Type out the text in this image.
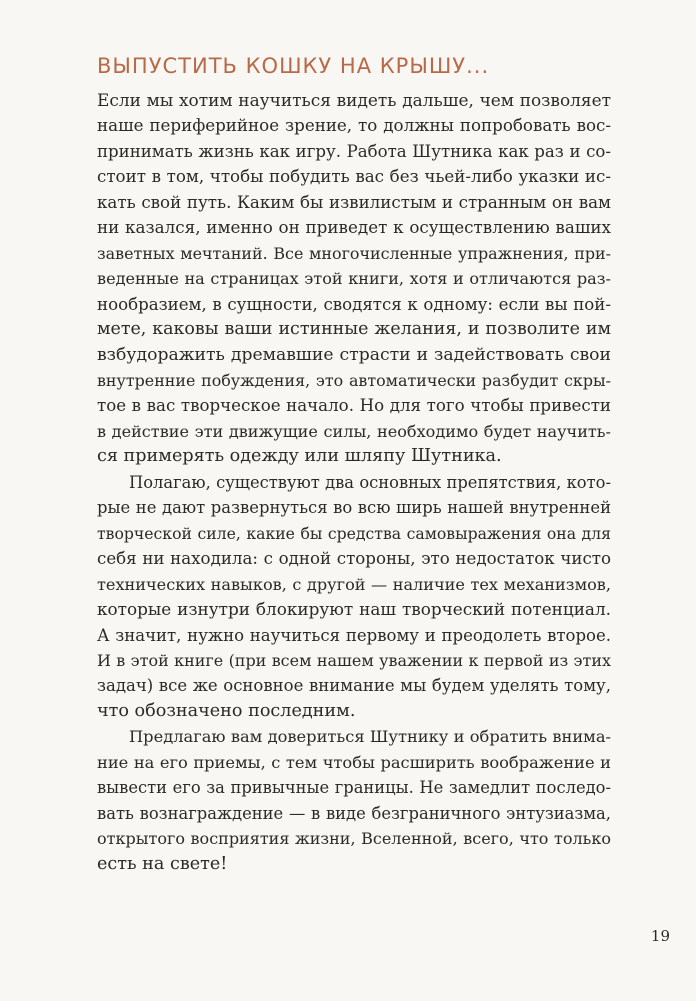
ВЫПУСТИТЬ КОШКУ НА КРЫШУ...
Если мы хотим научиться видеть дальше, чем позволяет
наше периферийное зрение, то должны попробовать вос-
принимать жизнь как игру. Работа Шутника как раз и со-
стоит в том, чтобы побудить вас без чьей-либо указки ис-
кать свой путь. Каким бы извилистым и странным он вам
ни казался, именно он приведет к осуществлению ваших
заветных мечтаний. Все многочисленные упражнения, при-
веденные на страницах этой книги, хотя и отличаются раз-
нообразием, в сущности, сводятся к одному: если вы пой-
мете, каковы ваши истинные желания, и позволите им
взбудоражить дремавшие страсти и задействовать свои
внутренние побуждения, это автоматически разбудит скры-
тое в вас творческое начало. Но для того чтобы привести
в действие эти движущие силы, необходимо будет научить-
ся примерять одежду или шляпу Шутника.
Полагаю, существуют два основных препятствия, кото-
рые не дают развернуться во всю ширь нашей внутренней
творческой силе, какие бы средства самовыражения она для
себя ни находила: с одной стороны, это недостаток чисто
технических навыков, с другой — наличие тех механизмов,
которые изнутри блокируют наш творческий потенциал.
А значит, нужно научиться первому и преодолеть второе.
И в этой книге (при всем нашем уважении к первой из этих
задач) все же основное внимание мы будем уделять тому,
что обозначено последним.
Предлагаю вам довериться Шутнику и обратить внима-
ние на его приемы, с тем чтобы расширить воображение и
вывести его за привычные границы. Не замедлит последо-
вать вознаграждение — в виде безграничного энтузиазма,
открытого восприятия жизни, Вселенной, всего, что только
есть на свете!
19
